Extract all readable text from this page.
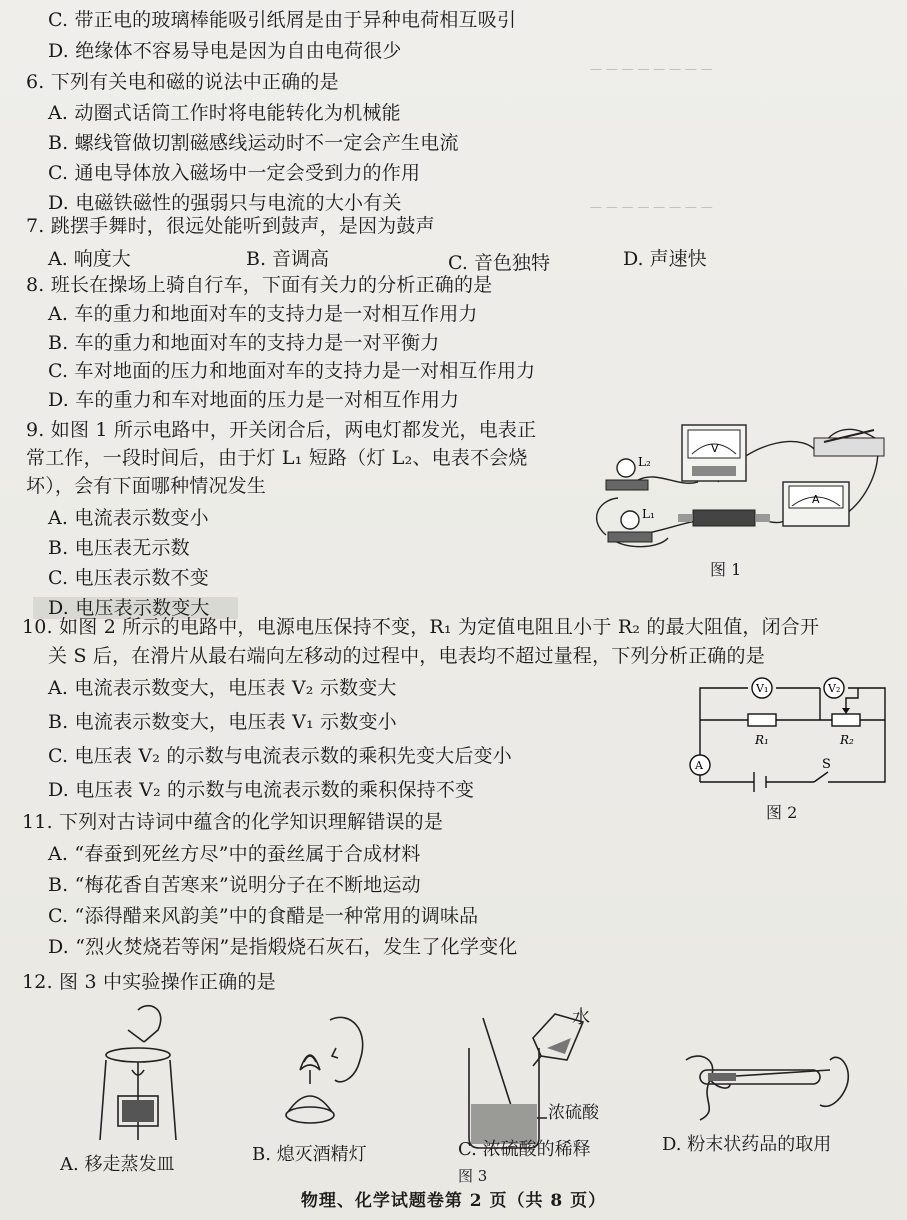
— — — — — — — —
— — — — — — — —
C. 带正电的玻璃棒能吸引纸屑是由于异种电荷相互吸引
D. 绝缘体不容易导电是因为自由电荷很少
6. 下列有关电和磁的说法中正确的是
A. 动圈式话筒工作时将电能转化为机械能
B. 螺线管做切割磁感线运动时不一定会产生电流
C. 通电导体放入磁场中一定会受到力的作用
D. 电磁铁磁性的强弱只与电流的大小有关
7. 跳摆手舞时，很远处能听到鼓声，是因为鼓声
A. 响度大	B. 音调高	C. 音色独特	D. 声速快
8. 班长在操场上骑自行车，下面有关力的分析正确的是
A. 车的重力和地面对车的支持力是一对相互作用力
B. 车的重力和地面对车的支持力是一对平衡力
C. 车对地面的压力和地面对车的支持力是一对相互作用力
D. 车的重力和车对地面的压力是一对相互作用力
9. 如图 1 所示电路中，开关闭合后，两电灯都发光，电表正
常工作，一段时间后，由于灯 L₁ 短路（灯 L₂、电表不会烧
坏），会有下面哪种情况发生
A. 电流表示数变小
B. 电压表无示数
C. 电压表示数不变
D. 电压表示数变大
V
A
L₂
L₁
图 1
10. 如图 2 所示的电路中，电源电压保持不变，R₁ 为定值电阻且小于 R₂ 的最大阻值，闭合开
关 S 后，在滑片从最右端向左移动的过程中，电表均不超过量程，下列分析正确的是
A. 电流表示数变大，电压表 V₂ 示数变大
B. 电流表示数变大，电压表 V₁ 示数变小
C. 电压表 V₂ 的示数与电流表示数的乘积先变大后变小
D. 电压表 V₂ 的示数与电流表示数的乘积保持不变
V₁	V₂
A
R₁	R₂
S
图 2
11. 下列对古诗词中蕴含的化学知识理解错误的是
A. “春蚕到死丝方尽”中的蚕丝属于合成材料
B. “梅花香自苦寒来”说明分子在不断地运动
C. “添得醋来风韵美”中的食醋是一种常用的调味品
D. “烈火焚烧若等闲”是指煅烧石灰石，发生了化学变化
12. 图 3 中实验操作正确的是
水
浓硫酸
A. 移走蒸发皿	B. 熄灭酒精灯	C. 浓硫酸的稀释	D. 粉末状药品的取用
图 3
物理、化学试题卷第 2 页（共 8 页）
